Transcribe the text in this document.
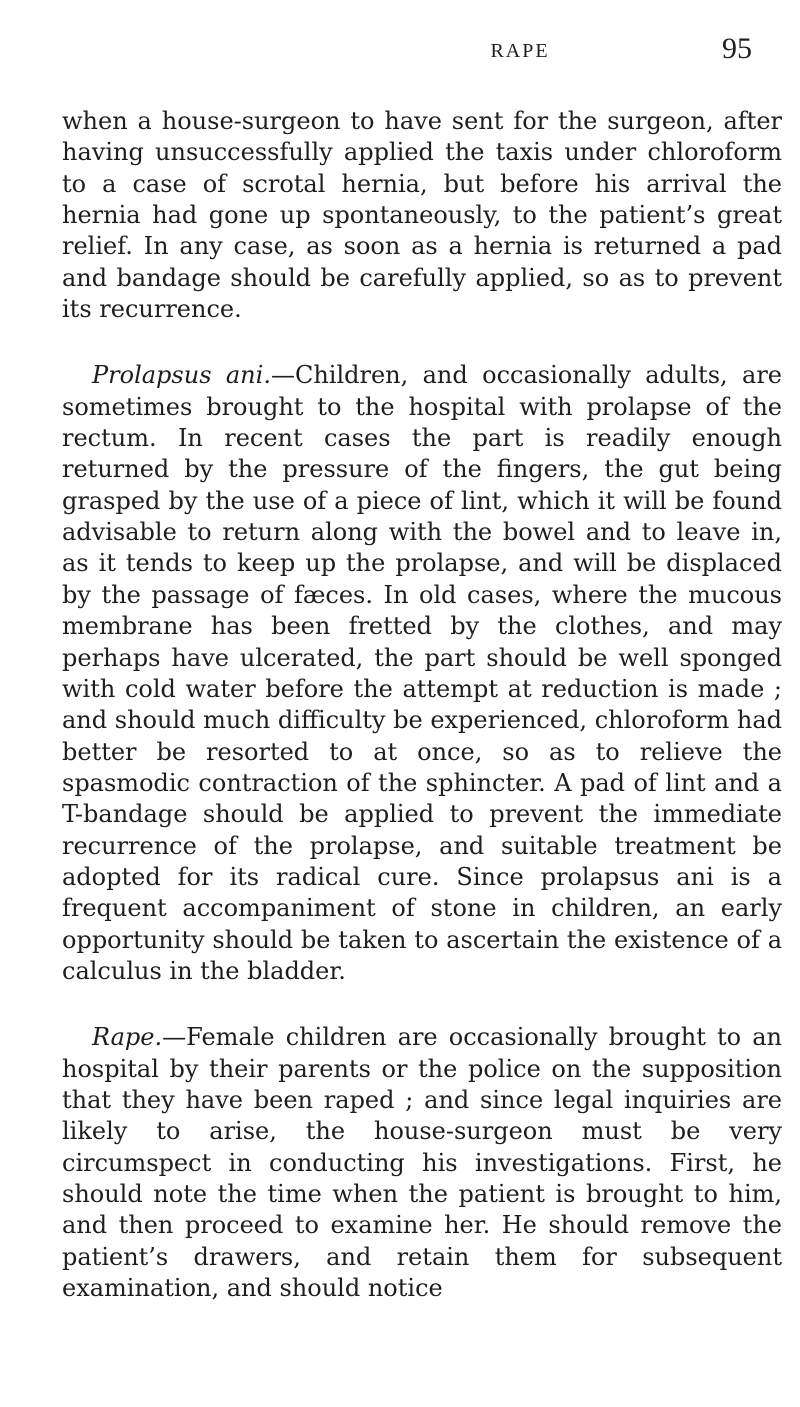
RAPE	95

when a house-surgeon to have sent for the surgeon, after having unsuccessfully applied the taxis under chloroform to a case of scrotal hernia, but before his arrival the hernia had gone up spontaneously, to the patient’s great relief. In any case, as soon as a hernia is returned a pad and bandage should be carefully applied, so as to prevent its recurrence.

Prolapsus ani.—Children, and occasionally adults, are sometimes brought to the hospital with prolapse of the rectum. In recent cases the part is readily enough returned by the pressure of the fingers, the gut being grasped by the use of a piece of lint, which it will be found advisable to return along with the bowel and to leave in, as it tends to keep up the prolapse, and will be displaced by the passage of fæces. In old cases, where the mucous membrane has been fretted by the clothes, and may perhaps have ulcerated, the part should be well sponged with cold water before the attempt at reduction is made ; and should much difficulty be experienced, chloroform had better be resorted to at once, so as to relieve the spasmodic contraction of the sphincter. A pad of lint and a T-bandage should be applied to prevent the immediate recurrence of the prolapse, and suitable treatment be adopted for its radical cure. Since prolapsus ani is a frequent accompaniment of stone in children, an early opportunity should be taken to ascertain the existence of a calculus in the bladder.

Rape.—Female children are occasionally brought to an hospital by their parents or the police on the supposition that they have been raped ; and since legal inquiries are likely to arise, the house-surgeon must be very circumspect in conducting his investigations. First, he should note the time when the patient is brought to him, and then proceed to examine her. He should remove the patient’s drawers, and retain them for subsequent examination, and should notice
